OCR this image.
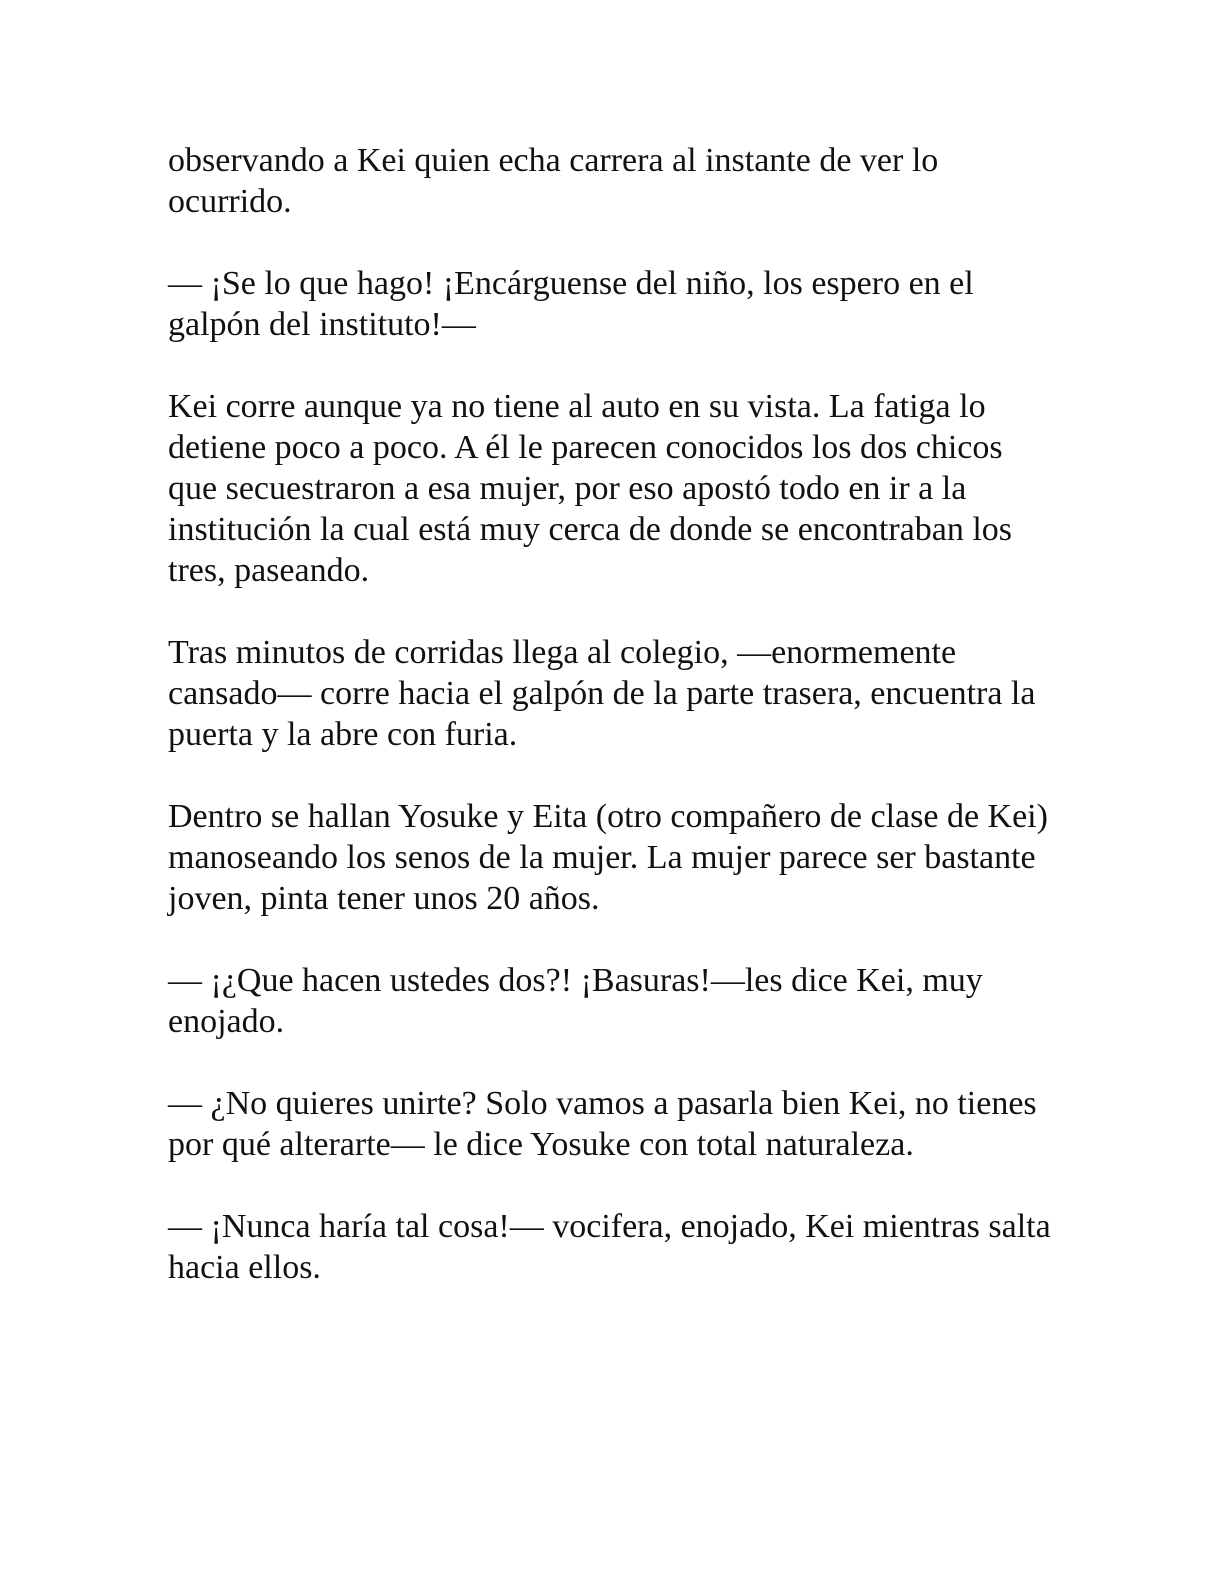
observando a Kei quien echa carrera al instante de ver lo ocurrido.

— ¡Se lo que hago! ¡Encárguense del niño, los espero en el galpón del instituto!—

Kei corre aunque ya no tiene al auto en su vista. La fatiga lo detiene poco a poco. A él le parecen conocidos los dos chicos que secuestraron a esa mujer, por eso apostó todo en ir a la institución la cual está muy cerca de donde se encontraban los tres, paseando.

Tras minutos de corridas llega al colegio, —enormemente cansado— corre hacia el galpón de la parte trasera, encuentra la puerta y la abre con furia.

Dentro se hallan Yosuke y Eita (otro compañero de clase de Kei) manoseando los senos de la mujer. La mujer parece ser bastante joven, pinta tener unos 20 años.

— ¡¿Que hacen ustedes dos?! ¡Basuras!—les dice Kei, muy enojado.

— ¿No quieres unirte? Solo vamos a pasarla bien Kei, no tienes por qué alterarte— le dice Yosuke con total naturaleza.

— ¡Nunca haría tal cosa!— vocifera, enojado, Kei mientras salta hacia ellos.
